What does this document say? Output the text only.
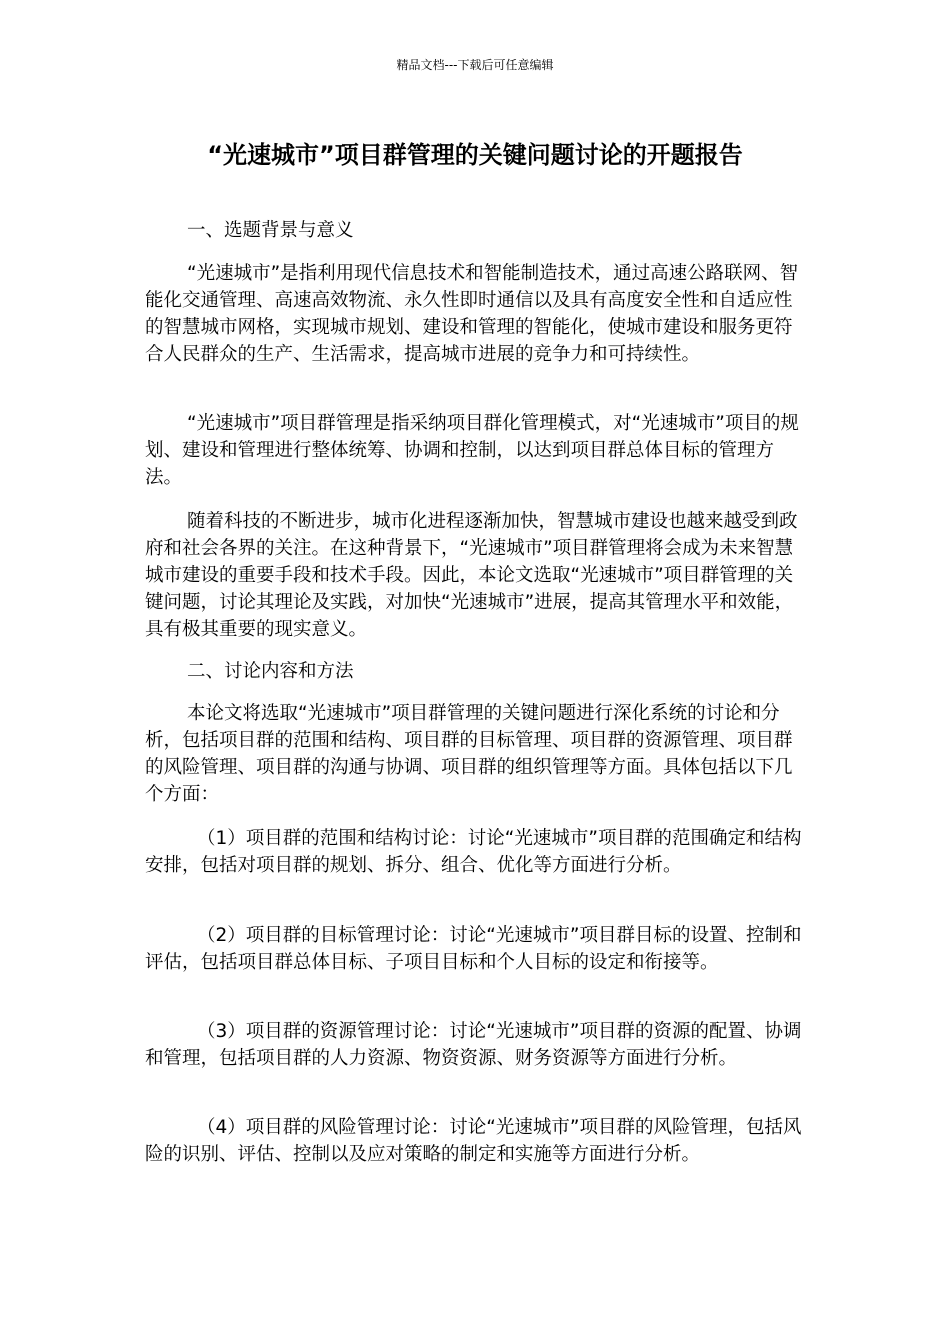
精品文档---下载后可任意编辑
“光速城市”项目群管理的关键问题讨论的开题报告

一、选题背景与意义

“光速城市”是指利用现代信息技术和智能制造技术，通过高速公路联网、智能化交通管理、高速高效物流、永久性即时通信以及具有高度安全性和自适应性的智慧城市网格，实现城市规划、建设和管理的智能化，使城市建设和服务更符合人民群众的生产、生活需求，提高城市进展的竞争力和可持续性。

“光速城市”项目群管理是指采纳项目群化管理模式，对“光速城市”项目的规划、建设和管理进行整体统筹、协调和控制，以达到项目群总体目标的管理方法。

随着科技的不断进步，城市化进程逐渐加快，智慧城市建设也越来越受到政府和社会各界的关注。在这种背景下，“光速城市”项目群管理将会成为未来智慧城市建设的重要手段和技术手段。因此，本论文选取“光速城市”项目群管理的关键问题，讨论其理论及实践，对加快“光速城市”进展，提高其管理水平和效能，具有极其重要的现实意义。

二、讨论内容和方法

本论文将选取“光速城市”项目群管理的关键问题进行深化系统的讨论和分析，包括项目群的范围和结构、项目群的目标管理、项目群的资源管理、项目群的风险管理、项目群的沟通与协调、项目群的组织管理等方面。具体包括以下几个方面：

（1）项目群的范围和结构讨论：讨论“光速城市”项目群的范围确定和结构安排，包括对项目群的规划、拆分、组合、优化等方面进行分析。

（2）项目群的目标管理讨论：讨论“光速城市”项目群目标的设置、控制和评估，包括项目群总体目标、子项目目标和个人目标的设定和衔接等。

（3）项目群的资源管理讨论：讨论“光速城市”项目群的资源的配置、协调和管理，包括项目群的人力资源、物资资源、财务资源等方面进行分析。

（4）项目群的风险管理讨论：讨论“光速城市”项目群的风险管理，包括风险的识别、评估、控制以及应对策略的制定和实施等方面进行分析。
